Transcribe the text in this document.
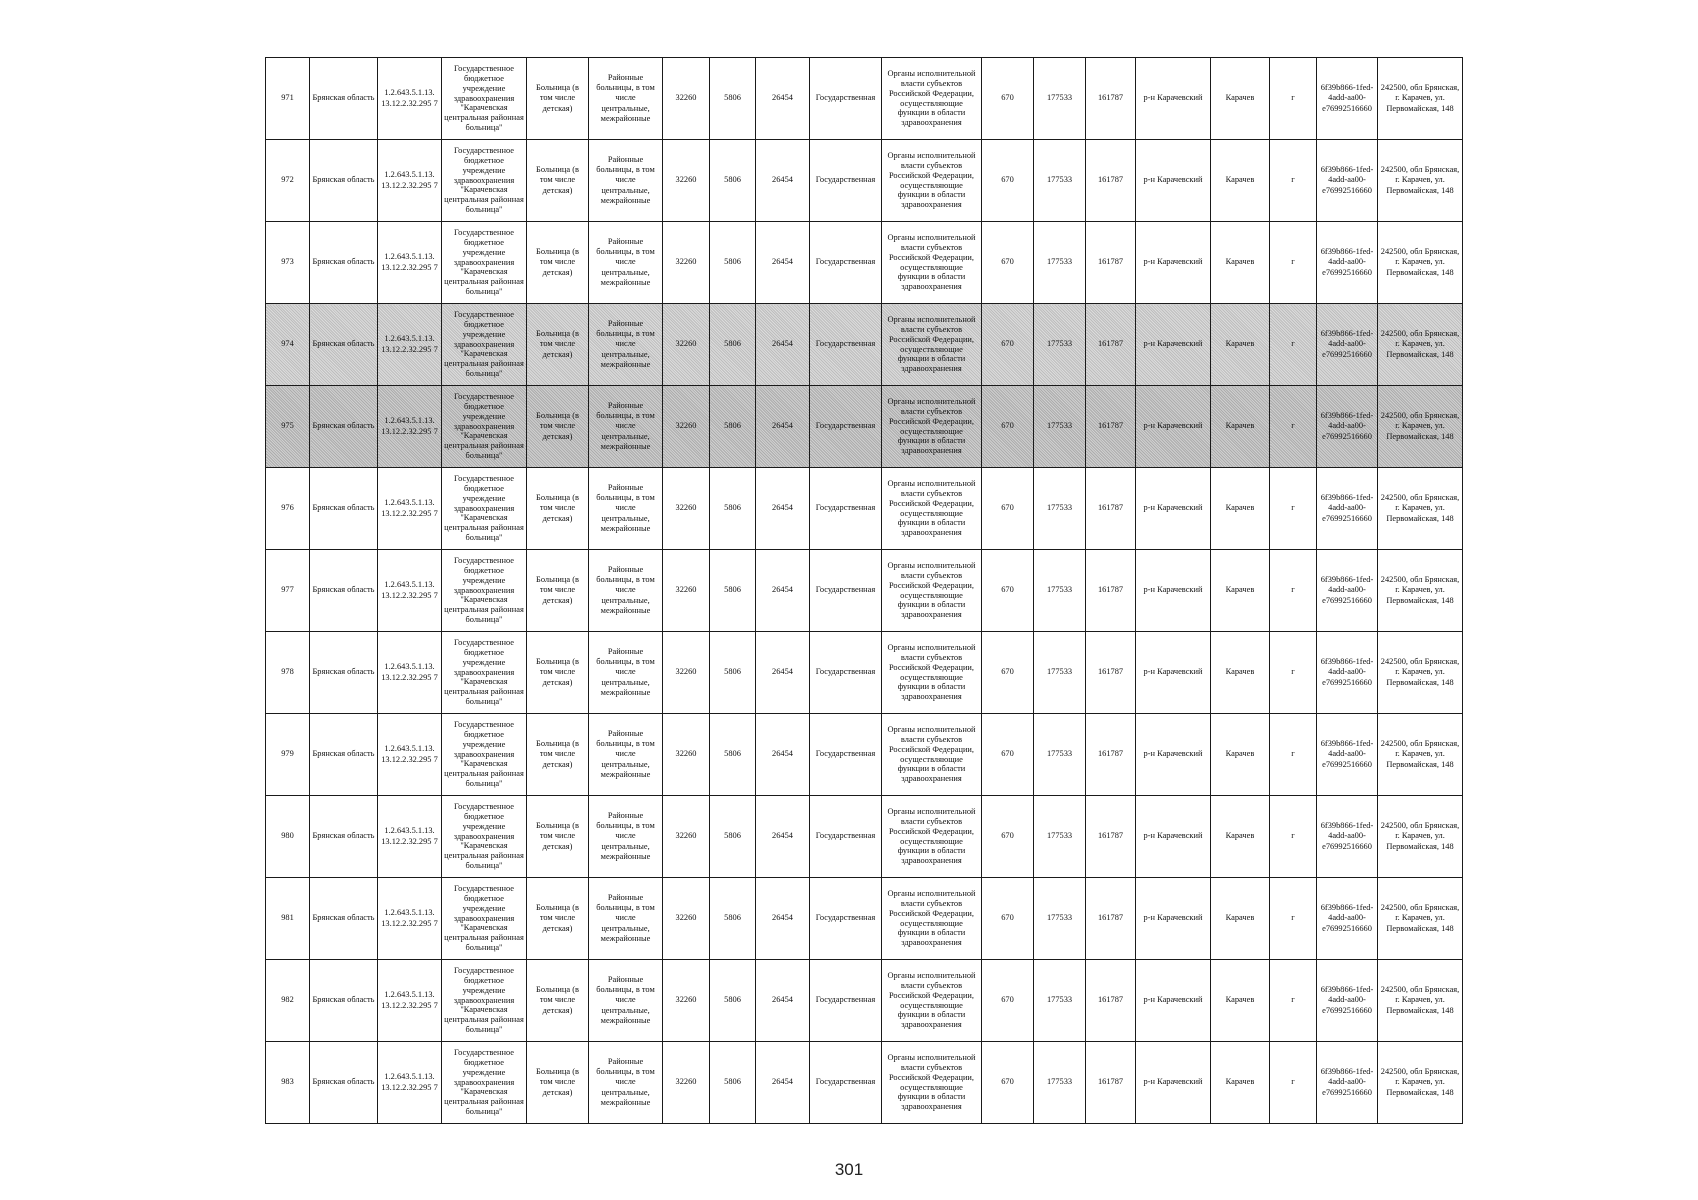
971	Брянская область	1.2.643.5.1.13. 13.12.2.32.295 7	Государственное бюджетное учреждение здравоохранения "Карачевская центральная районная больница"	Больница (в том числе детская)	Районные больницы, в том числе центральные, межрайонные	32260	5806	26454	Государственная	Органы исполнительной власти субъектов Российской Федерации, осуществляющие функции в области здравоохранения	670	177533	161787	р-н Карачевский	Карачев	г	6f39b866-1fed-4add-aa00-e76992516660	242500, обл Брянская, г. Карачев, ул. Первомайская, 148
972	Брянская область	1.2.643.5.1.13. 13.12.2.32.295 7	Государственное бюджетное учреждение здравоохранения "Карачевская центральная районная больница"	Больница (в том числе детская)	Районные больницы, в том числе центральные, межрайонные	32260	5806	26454	Государственная	Органы исполнительной власти субъектов Российской Федерации, осуществляющие функции в области здравоохранения	670	177533	161787	р-н Карачевский	Карачев	г	6f39b866-1fed-4add-aa00-e76992516660	242500, обл Брянская, г. Карачев, ул. Первомайская, 148
973	Брянская область	1.2.643.5.1.13. 13.12.2.32.295 7	Государственное бюджетное учреждение здравоохранения "Карачевская центральная районная больница"	Больница (в том числе детская)	Районные больницы, в том числе центральные, межрайонные	32260	5806	26454	Государственная	Органы исполнительной власти субъектов Российской Федерации, осуществляющие функции в области здравоохранения	670	177533	161787	р-н Карачевский	Карачев	г	6f39b866-1fed-4add-aa00-e76992516660	242500, обл Брянская, г. Карачев, ул. Первомайская, 148
974	Брянская область	1.2.643.5.1.13. 13.12.2.32.295 7	Государственное бюджетное учреждение здравоохранения "Карачевская центральная районная больница"	Больница (в том числе детская)	Районные больницы, в том числе центральные, межрайонные	32260	5806	26454	Государственная	Органы исполнительной власти субъектов Российской Федерации, осуществляющие функции в области здравоохранения	670	177533	161787	р-н Карачевский	Карачев	г	6f39b866-1fed-4add-aa00-e76992516660	242500, обл Брянская, г. Карачев, ул. Первомайская, 148
975	Брянская область	1.2.643.5.1.13. 13.12.2.32.295 7	Государственное бюджетное учреждение здравоохранения "Карачевская центральная районная больница"	Больница (в том числе детская)	Районные больницы, в том числе центральные, межрайонные	32260	5806	26454	Государственная	Органы исполнительной власти субъектов Российской Федерации, осуществляющие функции в области здравоохранения	670	177533	161787	р-н Карачевский	Карачев	г	6f39b866-1fed-4add-aa00-e76992516660	242500, обл Брянская, г. Карачев, ул. Первомайская, 148
976	Брянская область	1.2.643.5.1.13. 13.12.2.32.295 7	Государственное бюджетное учреждение здравоохранения "Карачевская центральная районная больница"	Больница (в том числе детская)	Районные больницы, в том числе центральные, межрайонные	32260	5806	26454	Государственная	Органы исполнительной власти субъектов Российской Федерации, осуществляющие функции в области здравоохранения	670	177533	161787	р-н Карачевский	Карачев	г	6f39b866-1fed-4add-aa00-e76992516660	242500, обл Брянская, г. Карачев, ул. Первомайская, 148
977	Брянская область	1.2.643.5.1.13. 13.12.2.32.295 7	Государственное бюджетное учреждение здравоохранения "Карачевская центральная районная больница"	Больница (в том числе детская)	Районные больницы, в том числе центральные, межрайонные	32260	5806	26454	Государственная	Органы исполнительной власти субъектов Российской Федерации, осуществляющие функции в области здравоохранения	670	177533	161787	р-н Карачевский	Карачев	г	6f39b866-1fed-4add-aa00-e76992516660	242500, обл Брянская, г. Карачев, ул. Первомайская, 148
978	Брянская область	1.2.643.5.1.13. 13.12.2.32.295 7	Государственное бюджетное учреждение здравоохранения "Карачевская центральная районная больница"	Больница (в том числе детская)	Районные больницы, в том числе центральные, межрайонные	32260	5806	26454	Государственная	Органы исполнительной власти субъектов Российской Федерации, осуществляющие функции в области здравоохранения	670	177533	161787	р-н Карачевский	Карачев	г	6f39b866-1fed-4add-aa00-e76992516660	242500, обл Брянская, г. Карачев, ул. Первомайская, 148
979	Брянская область	1.2.643.5.1.13. 13.12.2.32.295 7	Государственное бюджетное учреждение здравоохранения "Карачевская центральная районная больница"	Больница (в том числе детская)	Районные больницы, в том числе центральные, межрайонные	32260	5806	26454	Государственная	Органы исполнительной власти субъектов Российской Федерации, осуществляющие функции в области здравоохранения	670	177533	161787	р-н Карачевский	Карачев	г	6f39b866-1fed-4add-aa00-e76992516660	242500, обл Брянская, г. Карачев, ул. Первомайская, 148
980	Брянская область	1.2.643.5.1.13. 13.12.2.32.295 7	Государственное бюджетное учреждение здравоохранения "Карачевская центральная районная больница"	Больница (в том числе детская)	Районные больницы, в том числе центральные, межрайонные	32260	5806	26454	Государственная	Органы исполнительной власти субъектов Российской Федерации, осуществляющие функции в области здравоохранения	670	177533	161787	р-н Карачевский	Карачев	г	6f39b866-1fed-4add-aa00-e76992516660	242500, обл Брянская, г. Карачев, ул. Первомайская, 148
981	Брянская область	1.2.643.5.1.13. 13.12.2.32.295 7	Государственное бюджетное учреждение здравоохранения "Карачевская центральная районная больница"	Больница (в том числе детская)	Районные больницы, в том числе центральные, межрайонные	32260	5806	26454	Государственная	Органы исполнительной власти субъектов Российской Федерации, осуществляющие функции в области здравоохранения	670	177533	161787	р-н Карачевский	Карачев	г	6f39b866-1fed-4add-aa00-e76992516660	242500, обл Брянская, г. Карачев, ул. Первомайская, 148
982	Брянская область	1.2.643.5.1.13. 13.12.2.32.295 7	Государственное бюджетное учреждение здравоохранения "Карачевская центральная районная больница"	Больница (в том числе детская)	Районные больницы, в том числе центральные, межрайонные	32260	5806	26454	Государственная	Органы исполнительной власти субъектов Российской Федерации, осуществляющие функции в области здравоохранения	670	177533	161787	р-н Карачевский	Карачев	г	6f39b866-1fed-4add-aa00-e76992516660	242500, обл Брянская, г. Карачев, ул. Первомайская, 148
983	Брянская область	1.2.643.5.1.13. 13.12.2.32.295 7	Государственное бюджетное учреждение здравоохранения "Карачевская центральная районная больница"	Больница (в том числе детская)	Районные больницы, в том числе центральные, межрайонные	32260	5806	26454	Государственная	Органы исполнительной власти субъектов Российской Федерации, осуществляющие функции в области здравоохранения	670	177533	161787	р-н Карачевский	Карачев	г	6f39b866-1fed-4add-aa00-e76992516660	242500, обл Брянская, г. Карачев, ул. Первомайская, 148
301
